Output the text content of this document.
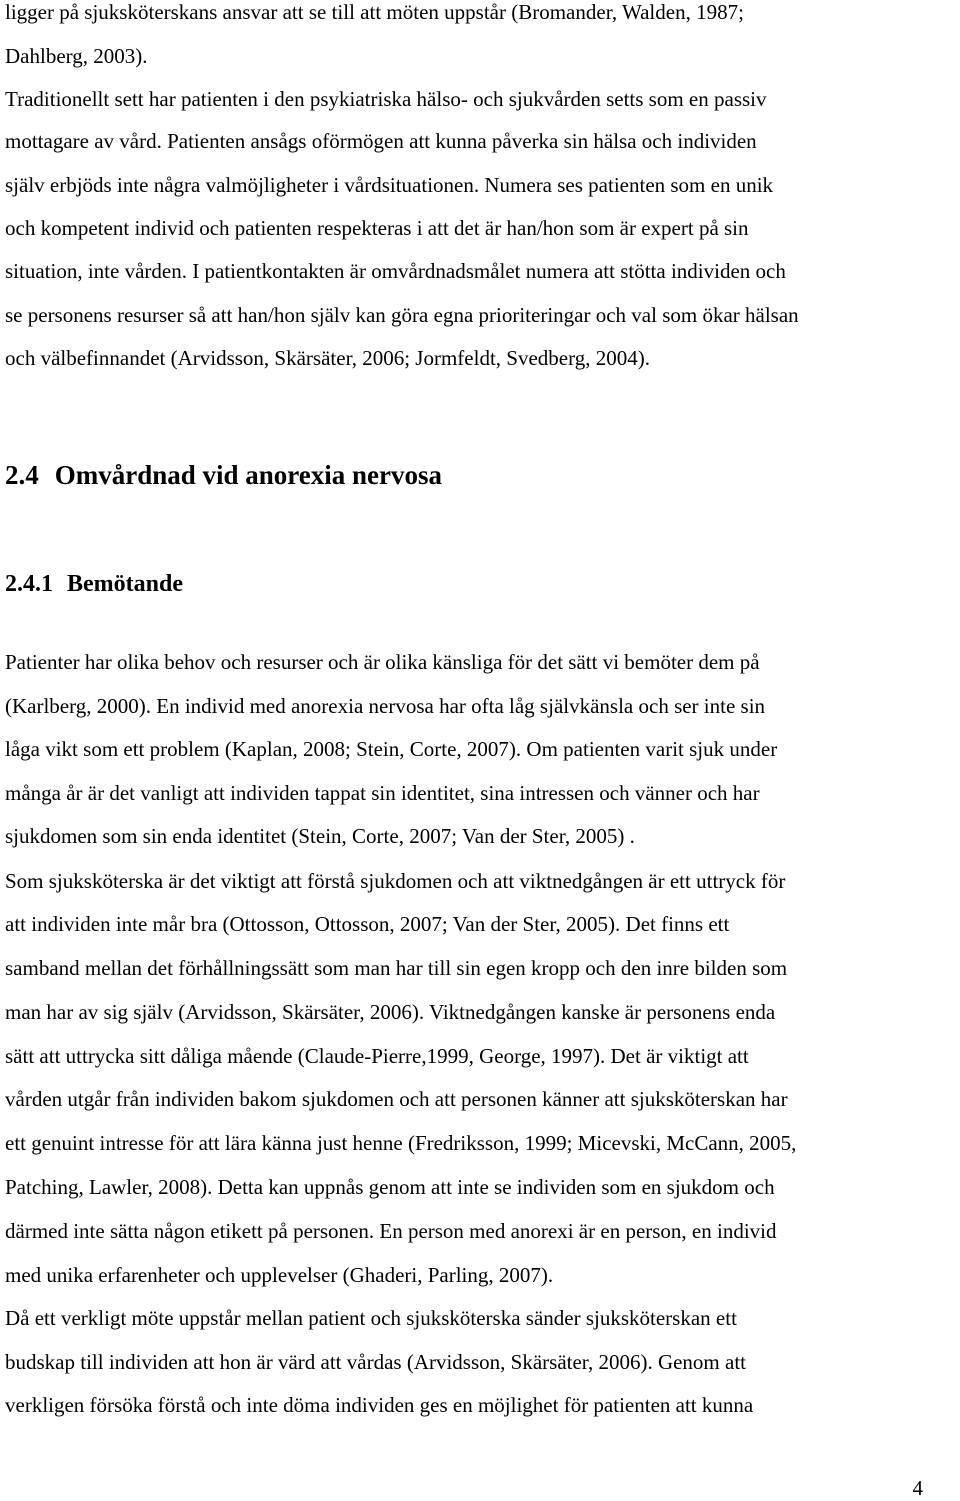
ligger på sjuksköterskans ansvar att se till att möten uppstår (Bromander, Walden, 1987;
Dahlberg, 2003).
Traditionellt sett har patienten i den psykiatriska hälso- och sjukvården setts som en passiv
mottagare av vård. Patienten ansågs oförmögen att kunna påverka sin hälsa och individen
själv erbjöds inte några valmöjligheter i vårdsituationen. Numera ses patienten som en unik
och kompetent individ och patienten respekteras i att det är han/hon som är expert på sin
situation, inte vården. I patientkontakten är omvårdnadsmålet numera att stötta individen och
se personens resurser så att han/hon själv kan göra egna prioriteringar och val som ökar hälsan
och välbefinnandet (Arvidsson, Skärsäter, 2006; Jormfeldt, Svedberg, 2004).
2.4 Omvårdnad vid anorexia nervosa
2.4.1 Bemötande
Patienter har olika behov och resurser och är olika känsliga för det sätt vi bemöter dem på
(Karlberg, 2000). En individ med anorexia nervosa har ofta låg självkänsla och ser inte sin
låga vikt som ett problem (Kaplan, 2008; Stein, Corte, 2007). Om patienten varit sjuk under
många år är det vanligt att individen tappat sin identitet, sina intressen och vänner och har
sjukdomen som sin enda identitet (Stein, Corte, 2007; Van der Ster, 2005) .
Som sjuksköterska är det viktigt att förstå sjukdomen och att viktnedgången är ett uttryck för
att individen inte mår bra (Ottosson, Ottosson, 2007; Van der Ster, 2005). Det finns ett
samband mellan det förhållningssätt som man har till sin egen kropp och den inre bilden som
man har av sig själv (Arvidsson, Skärsäter, 2006). Viktnedgången kanske är personens enda
sätt att uttrycka sitt dåliga mående (Claude-Pierre,1999, George, 1997). Det är viktigt att
vården utgår från individen bakom sjukdomen och att personen känner att sjuksköterskan har
ett genuint intresse för att lära känna just henne (Fredriksson, 1999; Micevski, McCann, 2005,
Patching, Lawler, 2008). Detta kan uppnås genom att inte se individen som en sjukdom och
därmed inte sätta någon etikett på personen. En person med anorexi är en person, en individ
med unika erfarenheter och upplevelser (Ghaderi, Parling, 2007).
Då ett verkligt möte uppstår mellan patient och sjuksköterska sänder sjuksköterskan ett
budskap till individen att hon är värd att vårdas (Arvidsson, Skärsäter, 2006). Genom att
verkligen försöka förstå och inte döma individen ges en möjlighet för patienten att kunna
4
